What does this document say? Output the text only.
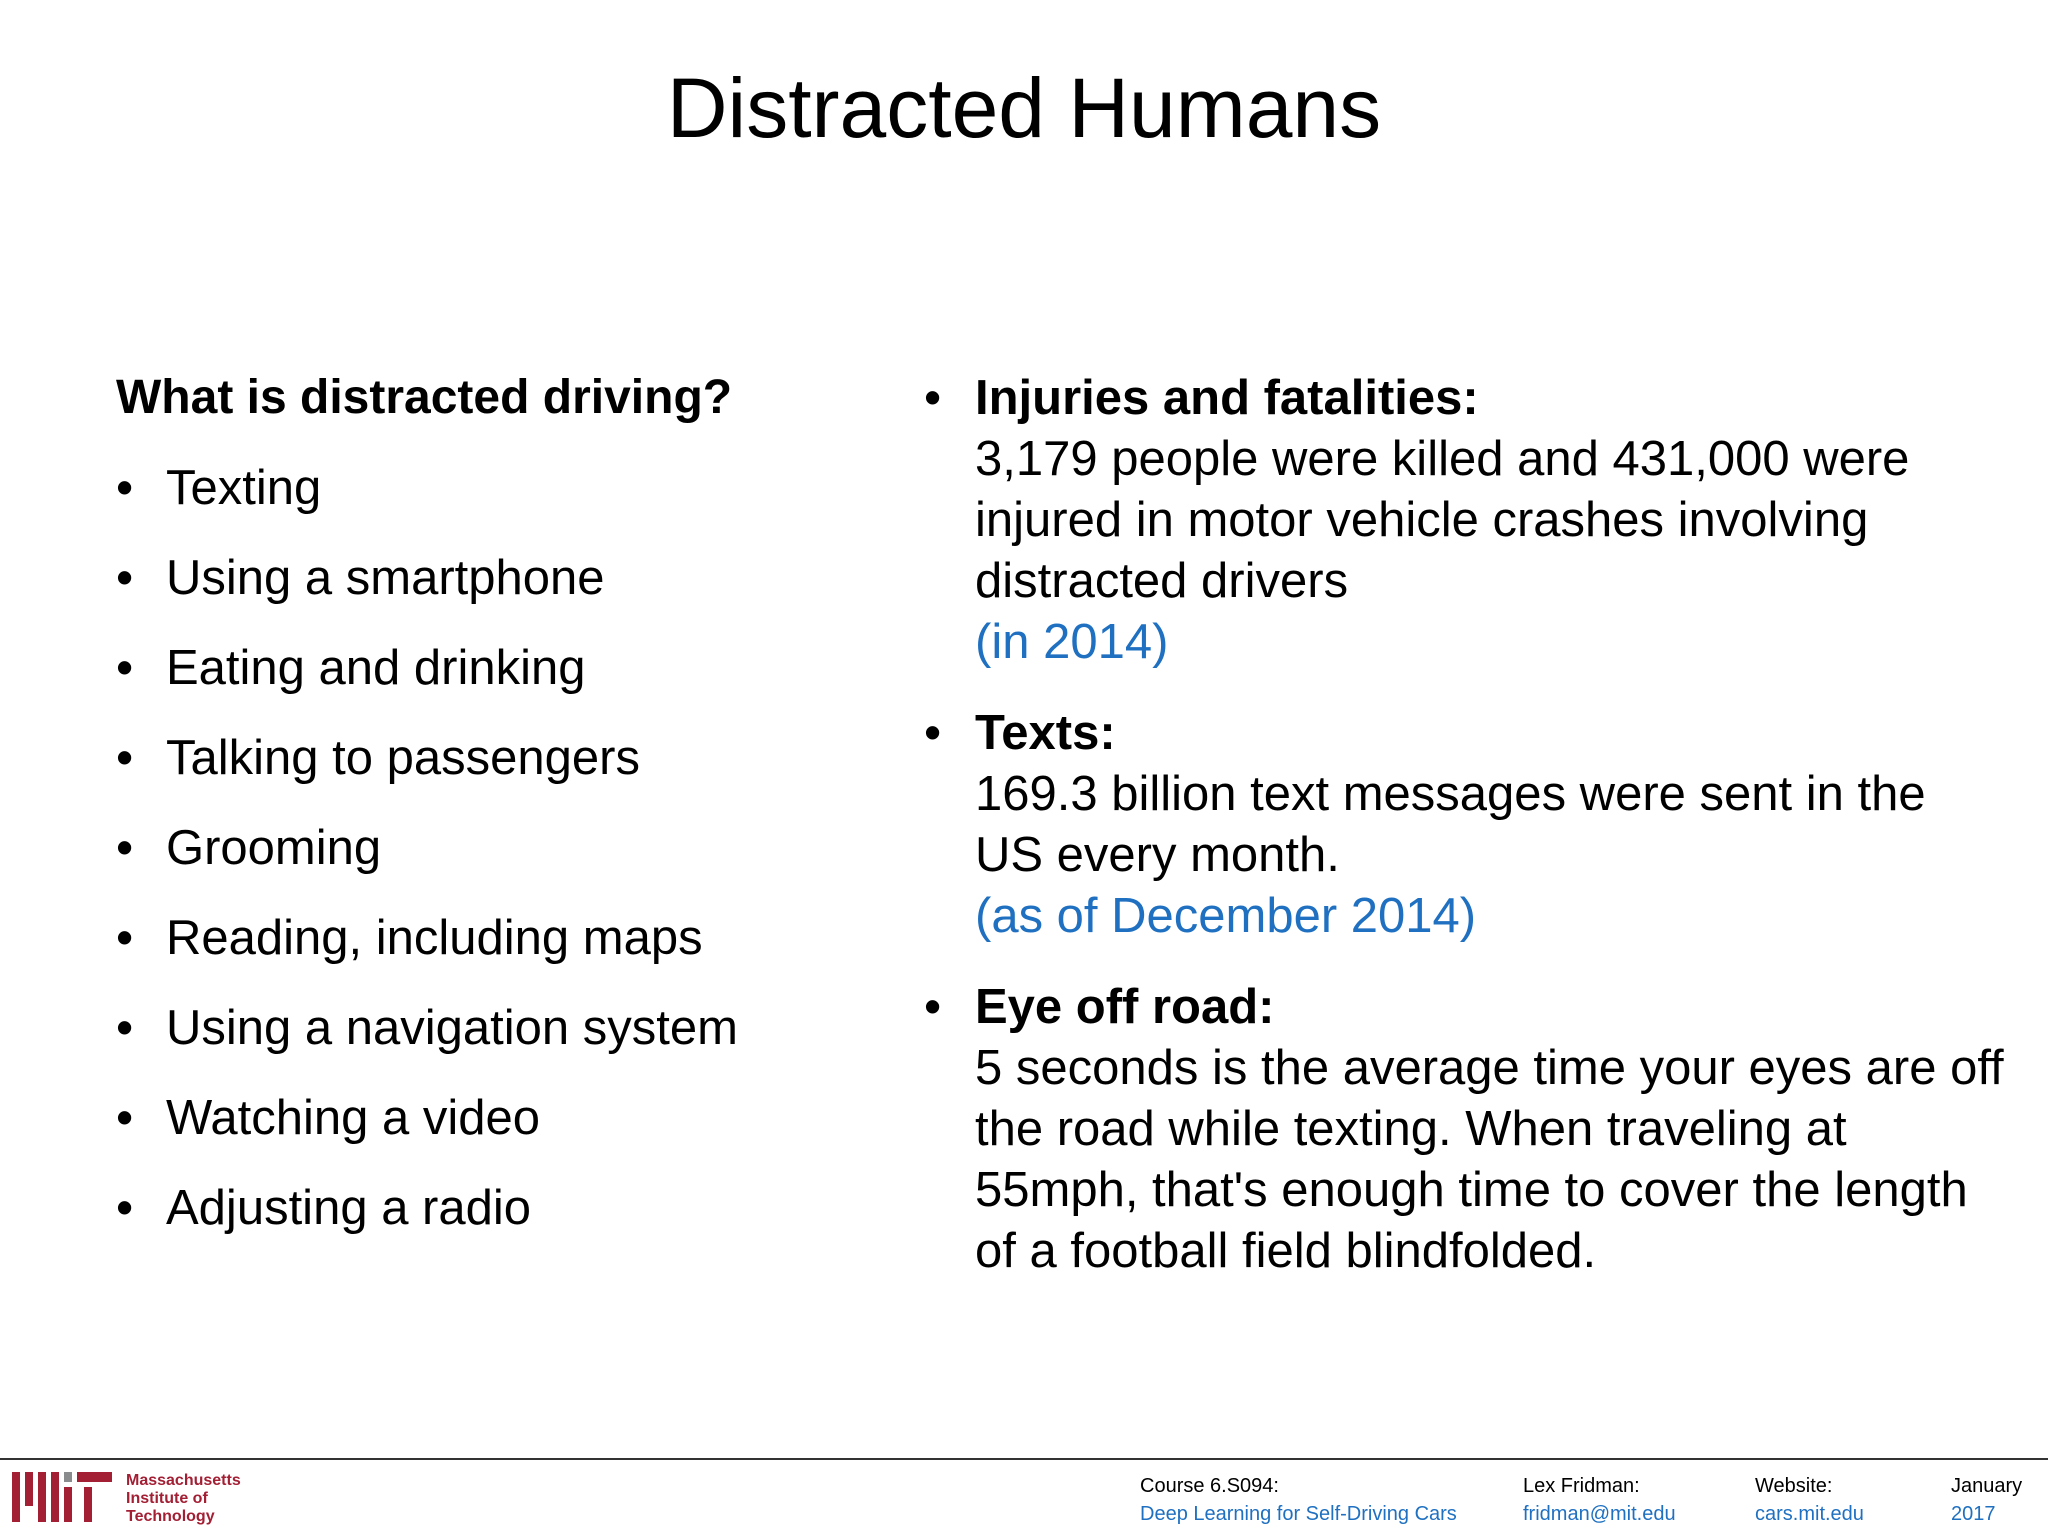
Distracted Humans
What is distracted driving?
• Texting
• Using a smartphone
• Eating and drinking
• Talking to passengers
• Grooming
• Reading, including maps
• Using a navigation system
• Watching a video
• Adjusting a radio
• Injuries and fatalities:
3,179 people were killed and 431,000 were injured in motor vehicle crashes involving distracted drivers
(in 2014)
• Texts:
169.3 billion text messages were sent in the US every month.
(as of December 2014)
• Eye off road:
5 seconds is the average time your eyes are off the road while texting. When traveling at 55mph, that's enough time to cover the length of a football field blindfolded.
Massachusetts
Institute of
Technology
Course 6.S094:
Deep Learning for Self-Driving Cars
Lex Fridman:
fridman@mit.edu
Website:
cars.mit.edu
January
2017
